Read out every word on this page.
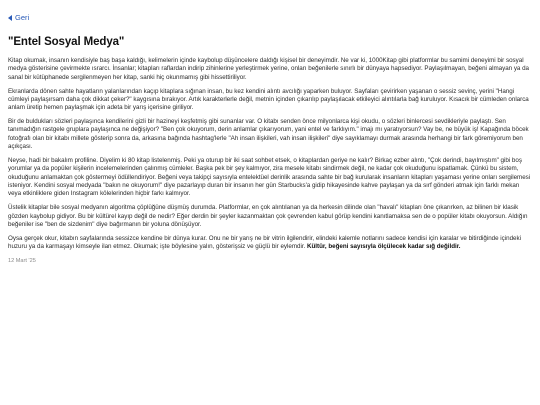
Geri
"Entel Sosyal Medya"

Kitap okumak, insanın kendisiyle baş başa kaldığı, kelimelerin içinde kaybolup düşüncelere daldığı kişisel bir deneyimdir. Ne var ki, 1000Kitap gibi platformlar bu samimi deneyimi bir sosyal medya gösterisine çevirmekte ısrarcı. İnsanlar; kitapları raflardan indirip zihinlerine yerleştirmek yerine, onları beğenilerle sınırlı bir dünyaya hapsediyor. Paylaşılmayan, beğeni almayan ya da sanal bir kütüphanede sergilenmeyen her kitap, sanki hiç okunmamış gibi hissettiriliyor.

Ekranlarda dönen sahte hayatların yalanlarından kaçıp kitaplara sığınan insan, bu kez kendini alıntı avcılığı yaparken buluyor. Sayfaları çevirirken yaşanan o sessiz sevinç, yerini "Hangi cümleyi paylaşırsam daha çok dikkat çeker?" kaygısına bırakıyor. Artık karakterlerle değil, metnin içinden çıkarılıp paylaşılacak etkileyici alıntılarla bağ kuruluyor. Kısacık bir cümleden onlarca anlam üretip hemen paylaşmak için adeta bir yarış içerisine giriliyor.

Bir de buldukları sözleri paylaşınca kendilerini gizli bir hazineyi keşfetmiş gibi sunanlar var. O kitabı senden önce milyonlarca kişi okudu, o sözleri binlercesi sevdikleriyle paylaştı. Sen tanımadığın rastgele gruplara paylaşınca ne değişiyor? "Ben çok okuyorum, derin anlamlar çıkarıyorum, yani entel ve farklıyım." imajı mı yaratıyorsun? Vay be, ne büyük iş! Kapağında böcek fotoğrafı olan bir kitabı millete gösterip sonra da, arkasına bağında hashtag'lerle "Ah insan ilişkileri, vah insan ilişkileri" diye sayıklamayı durmak arasında herhangi bir fark göremiyorum ben açıkçası.

Neyse, hadi bir bakalım profiline. Diyelim ki 80 kitap listelenmiş. Peki ya oturup bir iki saat sohbet etsek, o kitaplardan geriye ne kalır? Birkaç ezber alıntı, "Çok derindi, bayılmıştım" gibi boş yorumlar ya da popüler kişilerin incelemelerinden çalınmış cümleler. Başka pek bir şey kalmıyor, zira mesele kitabı sindirmek değil, ne kadar çok okuduğunu ispatlamak. Çünkü bu sistem, okuduğunu anlamaktan çok göstermeyi ödüllendiriyor. Beğeni veya takipçi sayısıyla entelektüel derinlik arasında sahte bir bağ kurularak insanların kitapları yaşaması yerine onları sergilemesi isteniyor. Kendini sosyal medyada "bakın ne okuyorum!" diye pazarlayıp duran bir insanın her gün Starbucks'a gidip hikayesinde kahve paylaşan ya da sırf gönderi atmak için farklı mekan veya etkinliklere giden Instagram kölelerinden hiçbir farkı kalmıyor.

Üstelik kitaplar bile sosyal medyanın algoritma çöplüğüne düşmüş durumda. Platformlar, en çok alıntılanan ya da herkesin dilinde olan "havalı" kitapları öne çıkarırken, az bilinen bir klasik gözden kaybolup gidiyor. Bu bir kültürel kayıp değil de nedir? Eğer derdin bir şeyler kazanmaktan çok çevrenden kabul görüp kendini kanıtlamaksa sen de o popüler kitabı okuyorsun. Aldığın beğeniler ise "ben de sizdenim" diye bağırmanın bir yoluna dönüşüyor.

Oysa gerçek okur, kitabın sayfalarında sessizce kendine bir dünya kurar. Onu ne bir yarış ne bir vitrin ilgilendirir, elindeki kalemle notlarını sadece kendisi için karalar ve bitirdiğinde içindeki huzuru ya da karmaşayı kimseyle ilan etmez. Okumak; işte böylesine yalın, gösterişsiz ve güçlü bir eylemdir. Kültür, beğeni sayısıyla ölçülecek kadar sığ değildir.

12 Mart '25
